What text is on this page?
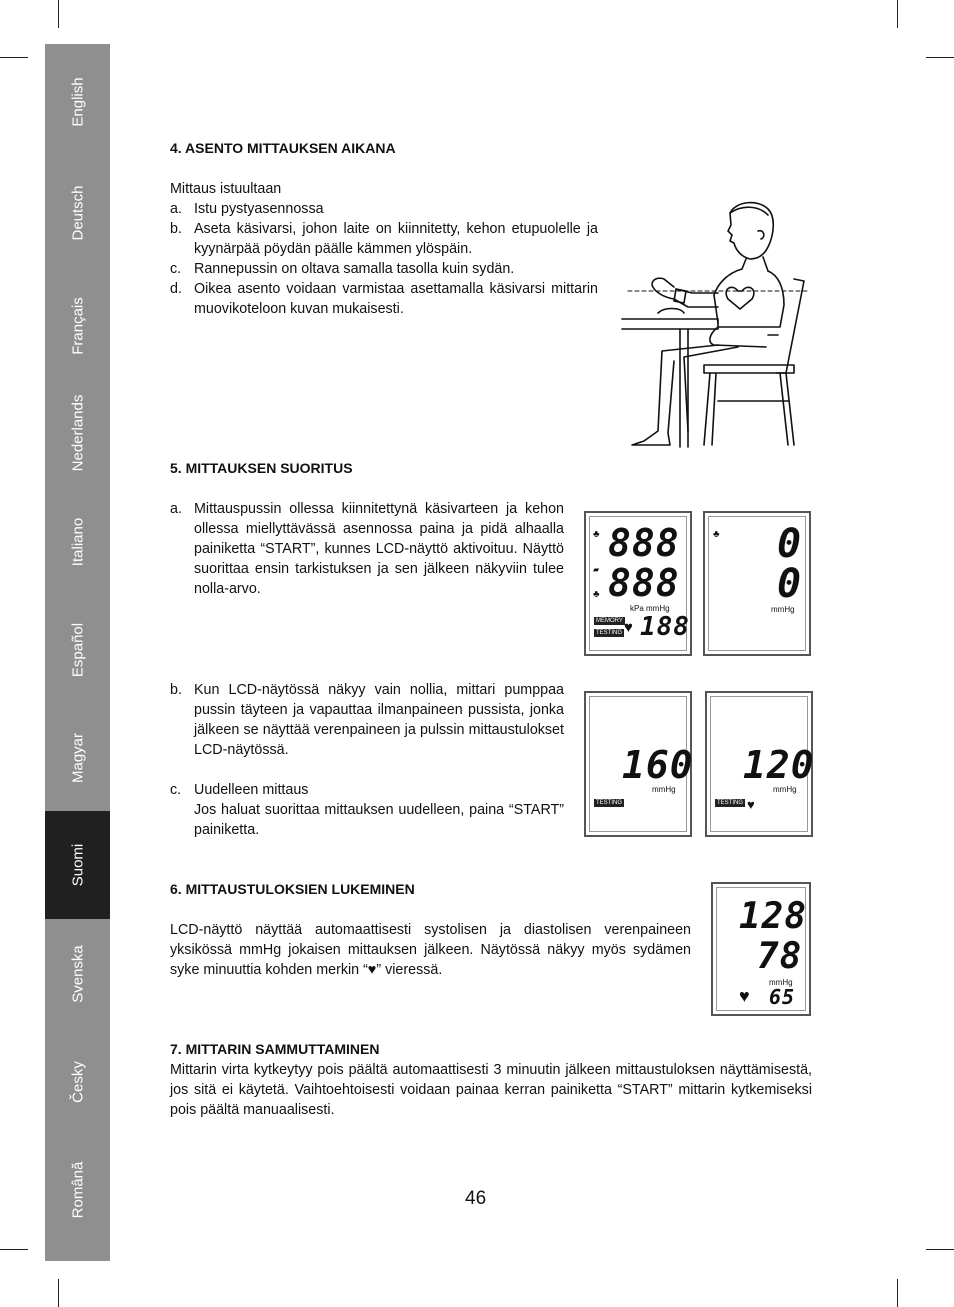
English
Deutsch
Français
Nederlands
Italiano
Español
Magyar
Suomi
Svenska
Česky
Română
4. ASENTO MITTAUKSEN AIKANA
Mittaus istuultaan
a. Istu pystyasennossa
b. Aseta käsivarsi, johon laite on kiinnitetty, kehon etupuolelle ja kyynärpää pöydän päälle kämmen ylöspäin.
c. Rannepussin on oltava samalla tasolla kuin sydän.
d. Oikea asento voidaan varmistaa asettamalla käsivarsi mittarin muovikoteloon kuvan mukaisesti.
5. MITTAUKSEN SUORITUS
a. Mittauspussin ollessa kiinnitettynä käsivarteen ja kehon ollessa miellyttävässä asennossa paina ja pidä alhaalla painiketta “START”, kunnes LCD-näyttö aktivoituu. Näyttö suorittaa ensin tarkistuksen ja sen jälkeen näkyviin tulee nolla-arvo.
b. Kun LCD-näytössä näkyy vain nollia, mittari pumppaa pussin täyteen ja vapauttaa ilmanpaineen pussista, jonka jälkeen se näyttää verenpaineen ja pulssin mittaustulokset LCD-näytössä.
c. Uudelleen mittaus
Jos haluat suorittaa mittauksen uudelleen, paina “START” painiketta.
♣
▰
♣
888
888
kPa mmHg
MEMORY
TESTING ♥ 188
♣ 0
0
mmHg
160
mmHg
TESTING
120
mmHg
TESTING ♥
6. MITTAUSTULOKSIEN LUKEMINEN
LCD-näyttö näyttää automaattisesti systolisen ja diastolisen verenpaineen yksikössä mmHg jokaisen mittauksen jälkeen. Näytössä näkyy myös sydämen syke minuuttia kohden merkin “♥” vieressä.
128
78
mmHg
♥ 65
7. MITTARIN SAMMUTTAMINEN
Mittarin virta kytkeytyy pois päältä automaattisesti 3 minuutin jälkeen mittaustuloksen näyttämisestä, jos sitä ei käytetä. Vaihtoehtoisesti voidaan painaa kerran painiketta “START” mittarin kytkemiseksi pois päältä manuaalisesti.
46
